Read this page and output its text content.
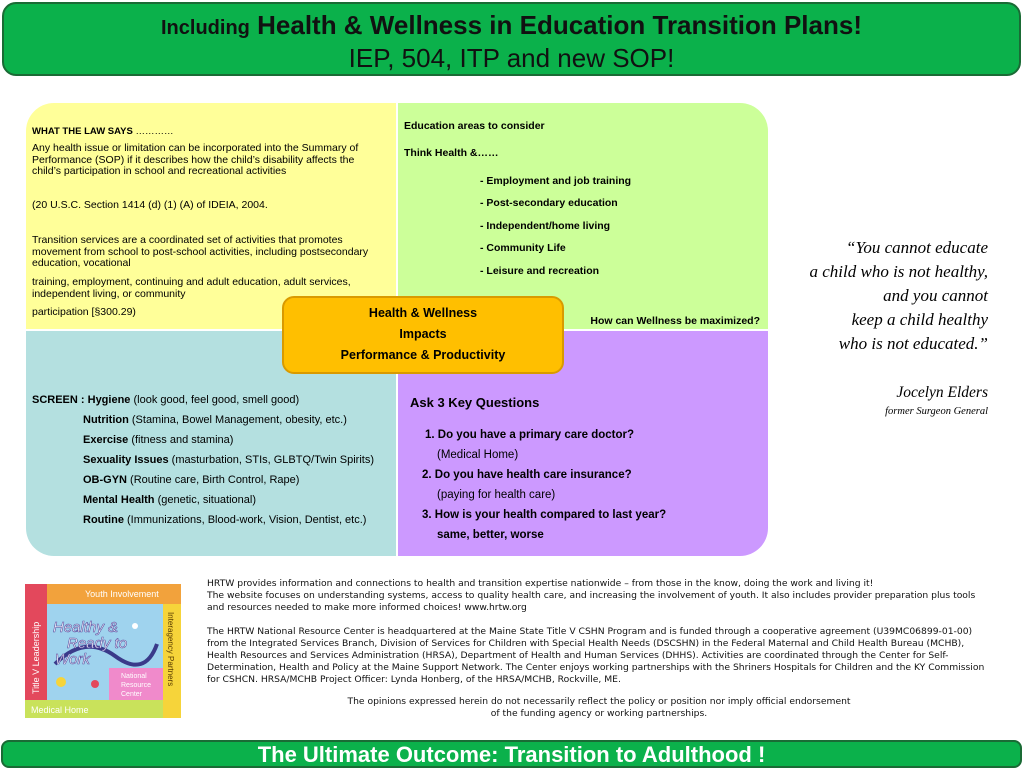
Including Health & Wellness in Education Transition Plans!
IEP, 504, ITP and new SOP!
WHAT THE LAW SAYS …………
Any health issue or limitation can be incorporated into the Summary of Performance (SOP) if it describes how the child’s disability affects the child’s participation in school and recreational activities
(20 U.S.C. Section 1414 (d) (1) (A) of IDEIA, 2004.
Transition services are a coordinated set of activities that promotes movement from school to post-school activities, including postsecondary education, vocational
training, employment, continuing and adult education, adult services, independent living, or community
participation [§300.29)
Education areas to consider
Think Health &……
- Employment and job training
- Post-secondary education
- Independent/home living
- Community Life
- Leisure and recreation
How can Wellness be maximized?
SCREEN : Hygiene (look good, feel good, smell good)
Nutrition (Stamina, Bowel Management, obesity, etc.)
Exercise (fitness and stamina)
Sexuality Issues (masturbation, STIs, GLBTQ/Twin Spirits)
OB-GYN (Routine care, Birth Control, Rape)
Mental Health (genetic, situational)
Routine (Immunizations, Blood-work, Vision, Dentist, etc.)
Ask 3 Key Questions
1. Do you have a primary care doctor?
(Medical Home)
2. Do you have health care insurance?
(paying for health care)
3. How is your health compared to last year?
same, better, worse
Health & Wellness
Impacts
Performance & Productivity
“You cannot educate
a child who is not healthy,
and you cannot
keep a child healthy
who is not educated.”
Jocelyn Elders
former Surgeon General
Youth Involvement
Title V Leadership Healthy &
Ready to
Work	Interagency Partners
National
Resource
Center
Medical Home
HRTW provides information and connections to health and transition expertise nationwide – from those in the know, doing the work and living it!
The website focuses on understanding systems, access to quality health care, and increasing the involvement of youth. It also includes provider preparation plus tools and resources needed to make more informed choices! www.hrtw.org
The HRTW National Resource Center is headquartered at the Maine State Title V CSHN Program and is funded through a cooperative agreement (U39MC06899-01-00) from the Integrated Services Branch, Division of Services for Children with Special Health Needs (DSCSHN) in the Federal Maternal and Child Health Bureau (MCHB), Health Resources and Services Administration (HRSA), Department of Health and Human Services (DHHS). Activities are coordinated through the Center for Self-Determination, Health and Policy at the Maine Support Network. The Center enjoys working partnerships with the Shriners Hospitals for Children and the KY Commission for CSHCN. HRSA/MCHB Project Officer: Lynda Honberg, of the HRSA/MCHB, Rockville, ME.
The opinions expressed herein do not necessarily reflect the policy or position nor imply official endorsement
of the funding agency or working partnerships.
The Ultimate Outcome: Transition to Adulthood !
